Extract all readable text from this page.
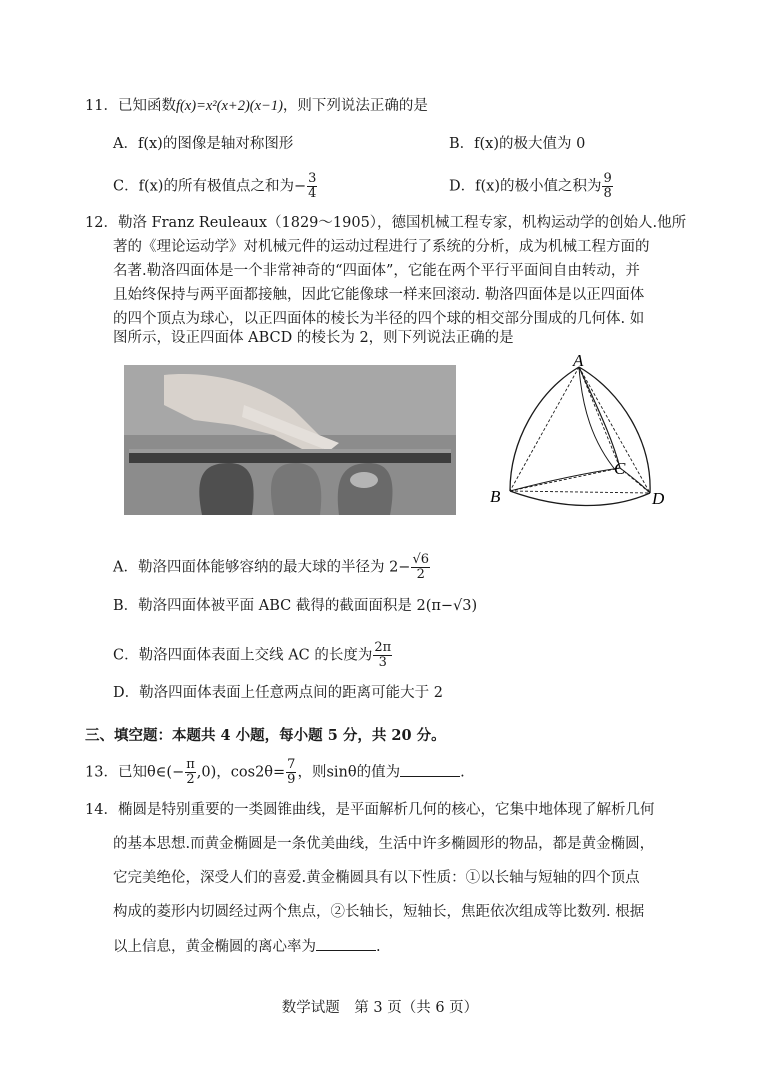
11．已知函数f(x)=x²(x+2)(x−1)，则下列说法正确的是
A．f(x)的图像是轴对称图形	B．f(x)的极大值为 0
C．f(x)的所有极值点之和为− $\frac{3}{4}$	D．f(x)的极小值之积为 $\frac{9}{8}$
12．勒洛 Franz Reuleaux（1829～1905），德国机械工程专家，机构运动学的创始人.他所
著的《理论运动学》对机械元件的运动过程进行了系统的分析，成为机械工程方面的
名著.勒洛四面体是一个非常神奇的“四面体”，它能在两个平行平面间自由转动，并
且始终保持与两平面都接触，因此它能像球一样来回滚动. 勒洛四面体是以正四面体
的四个顶点为球心，以正四面体的棱长为半径的四个球的相交部分围成的几何体. 如
图所示，设正四面体 ABCD 的棱长为 2，则下列说法正确的是
A
B
C
D
A．勒洛四面体能够容纳的最大球的半径为 $2- \frac{√6}{2}$
B．勒洛四面体被平面 ABC 截得的截面面积是 2(π−√3)
C．勒洛四面体表面上交线 AC 的长度为 $\frac{2\pi}{3}$
D．勒洛四面体表面上任意两点间的距离可能大于 2
三、填空题：本题共 4 小题，每小题 5 分，共 20 分。
13．已知θ∈(− $\frac{\pi}{2} ,0$)，$\cos 2\theta= \frac{7}{9}$ ，则sinθ的值为	.
14．椭圆是特别重要的一类圆锥曲线，是平面解析几何的核心，它集中地体现了解析几何
的基本思想.而黄金椭圆是一条优美曲线，生活中许多椭圆形的物品，都是黄金椭圆，
它完美绝伦，深受人们的喜爱.黄金椭圆具有以下性质：①以长轴与短轴的四个顶点
构成的菱形内切圆经过两个焦点，②长轴长，短轴长，焦距依次组成等比数列. 根据
以上信息，黄金椭圆的离心率为	.
数学试题　第 3 页（共 6 页）
